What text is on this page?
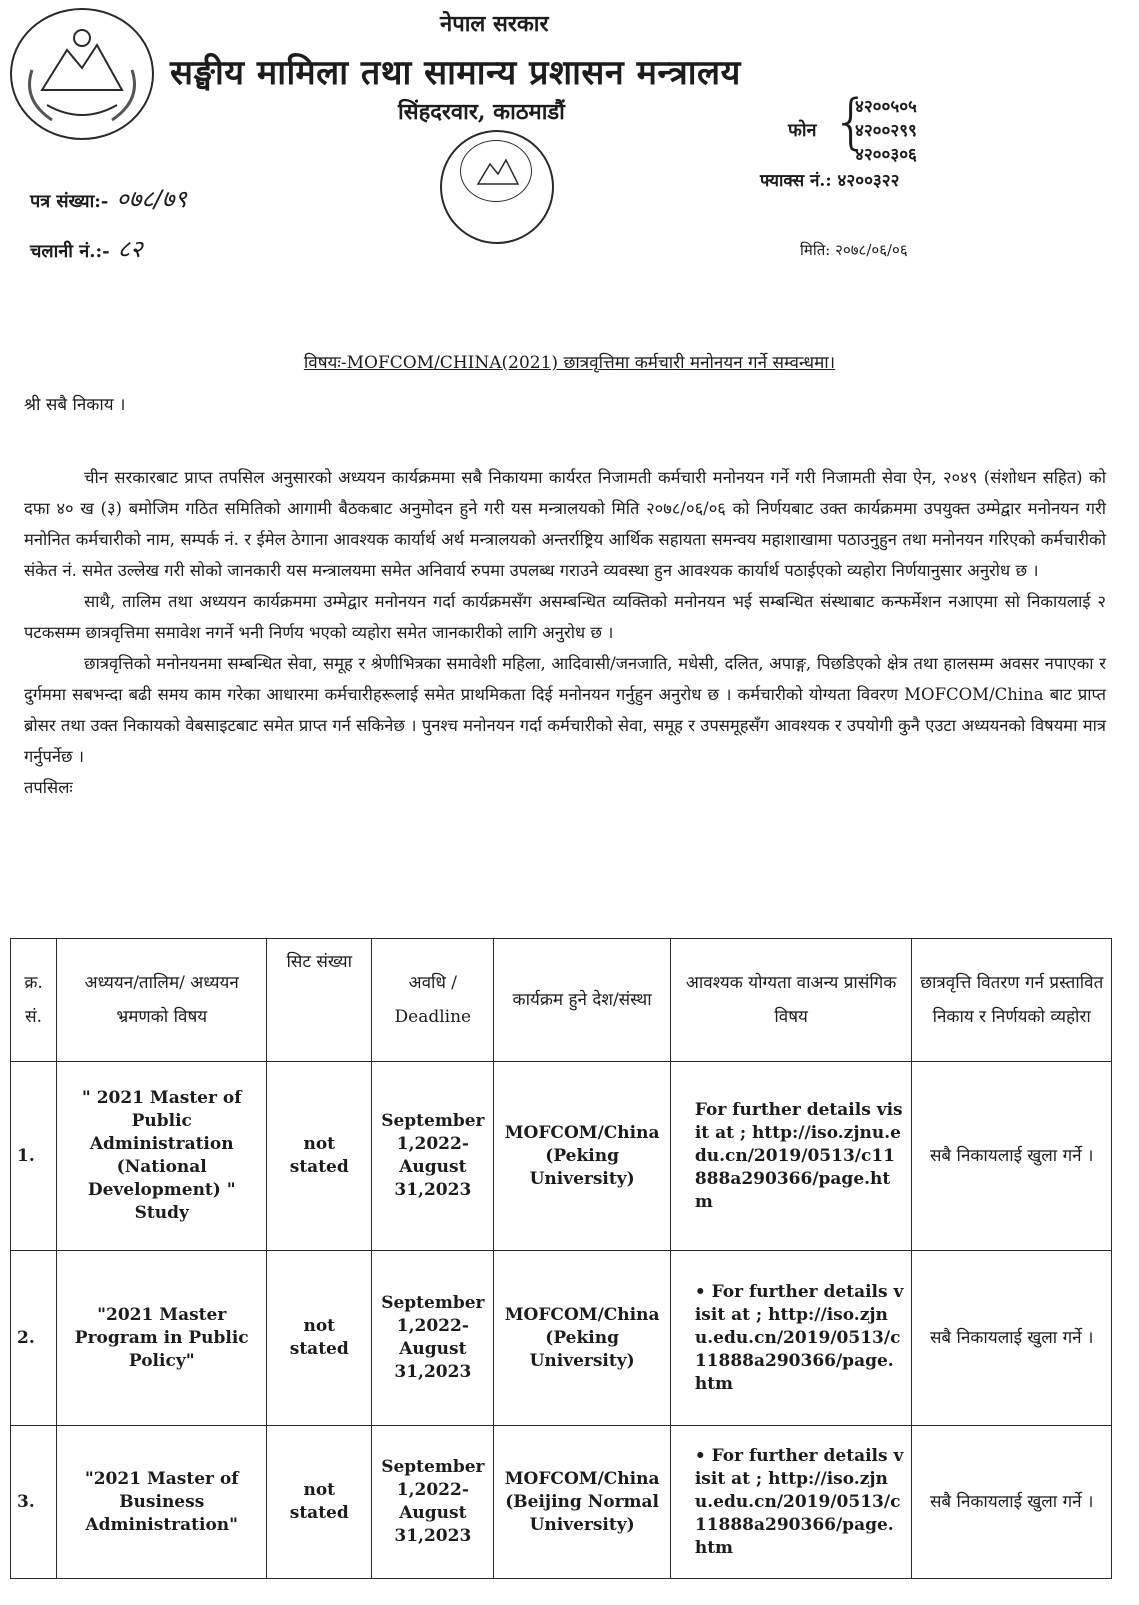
नेपाल सरकार
सङ्घीय मामिला तथा सामान्य प्रशासन मन्त्रालय
सिंहदरवार, काठमाडौं
फोन {
४२००५०५
४२००२९९
४२००३०६
फ्याक्स नं.: ४२००३२२
पत्र संख्या:- ०७८/७९
चलानी नं.:- ८२	मिति: २०७८/०६/०६
विषयः-MOFCOM/CHINA(2021) छात्रवृत्तिमा कर्मचारी मनोनयन गर्ने सम्वन्धमा।
श्री सबै निकाय ।

चीन सरकारबाट प्राप्त तपसिल अनुसारको अध्ययन कार्यक्रममा सबै निकायमा कार्यरत निजामती कर्मचारी मनोनयन गर्ने गरी निजामती सेवा ऐन, २०४९ (संशोधन सहित) को दफा ४० ख (३) बमोजिम गठित समितिको आगामी बैठकबाट अनुमोदन हुने गरी यस मन्त्रालयको मिति २०७८/०६/०६ को निर्णयबाट उक्त कार्यक्रममा उपयुक्त उम्मेद्वार मनोनयन गरी मनोनित कर्मचारीको नाम, सम्पर्क नं. र ईमेल ठेगाना आवश्यक कार्यार्थ अर्थ मन्त्रालयको अन्तर्राष्ट्रिय आर्थिक सहायता समन्वय महाशाखामा पठाउनुहुन तथा मनोनयन गरिएको कर्मचारीको संकेत नं. समेत उल्लेख गरी सोको जानकारी यस मन्त्रालयमा समेत अनिवार्य रुपमा उपलब्ध गराउने व्यवस्था हुन आवश्यक कार्यार्थ पठाईएको व्यहोरा निर्णयानुसार अनुरोध छ ।

साथै, तालिम तथा अध्ययन कार्यक्रममा उम्मेद्वार मनोनयन गर्दा कार्यक्रमसँग असम्बन्धित व्यक्तिको मनोनयन भई सम्बन्धित संस्थाबाट कन्फर्मेशन नआएमा सो निकायलाई २ पटकसम्म छात्रवृत्तिमा समावेश नगर्ने भनी निर्णय भएको व्यहोरा समेत जानकारीको लागि अनुरोध छ ।

छात्रवृत्तिको मनोनयनमा सम्बन्धित सेवा, समूह र श्रेणीभित्रका समावेशी महिला, आदिवासी/जनजाति, मधेसी, दलित, अपाङ्ग, पिछडिएको क्षेत्र तथा हालसम्म अवसर नपाएका र दुर्गममा सबभन्दा बढी समय काम गरेका आधारमा कर्मचारीहरूलाई समेत प्राथमिकता दिई मनोनयन गर्नुहुन अनुरोध छ । कर्मचारीको योग्यता विवरण MOFCOM/China बाट प्राप्त ब्रोसर तथा उक्त निकायको वेबसाइटबाट समेत प्राप्त गर्न सकिनेछ । पुनश्च मनोनयन गर्दा कर्मचारीको सेवा, समूह र उपसमूहसँग आवश्यक र उपयोगी कुनै एउटा अध्ययनको विषयमा मात्र गर्नुपर्नेछ ।

तपसिलः
क्र. सं.	अध्ययन/तालिम/ अध्ययन भ्रमणको विषय	सिट संख्या	अवधि / Deadline	कार्यक्रम हुने देश/संस्था	आवश्यक योग्यता वाअन्य प्रासंगिक विषय	छात्रवृत्ति वितरण गर्न प्रस्तावित निकाय र निर्णयको व्यहोरा
1.	" 2021 Master of Public Administration (National Development) " Study	not stated	September 1,2022- August 31,2023	MOFCOM/China (Peking University)	For further details visit at ; http://iso.zjnu.edu.cn/2019/0513/c11888a290366/page.htm	सबै निकायलाई खुला गर्ने ।
2.	"2021 Master Program in Public Policy"	not stated	September 1,2022- August 31,2023	MOFCOM/China (Peking University)	• For further details visit at ; http://iso.zjnu.edu.cn/2019/0513/c11888a290366/page.htm	सबै निकायलाई खुला गर्ने ।
3.	"2021 Master of Business Administration"	not stated	September 1,2022- August 31,2023	MOFCOM/China (Beijing Normal University)	• For further details visit at ; http://iso.zjnu.edu.cn/2019/0513/c11888a290366/page.htm	सबै निकायलाई खुला गर्ने ।
